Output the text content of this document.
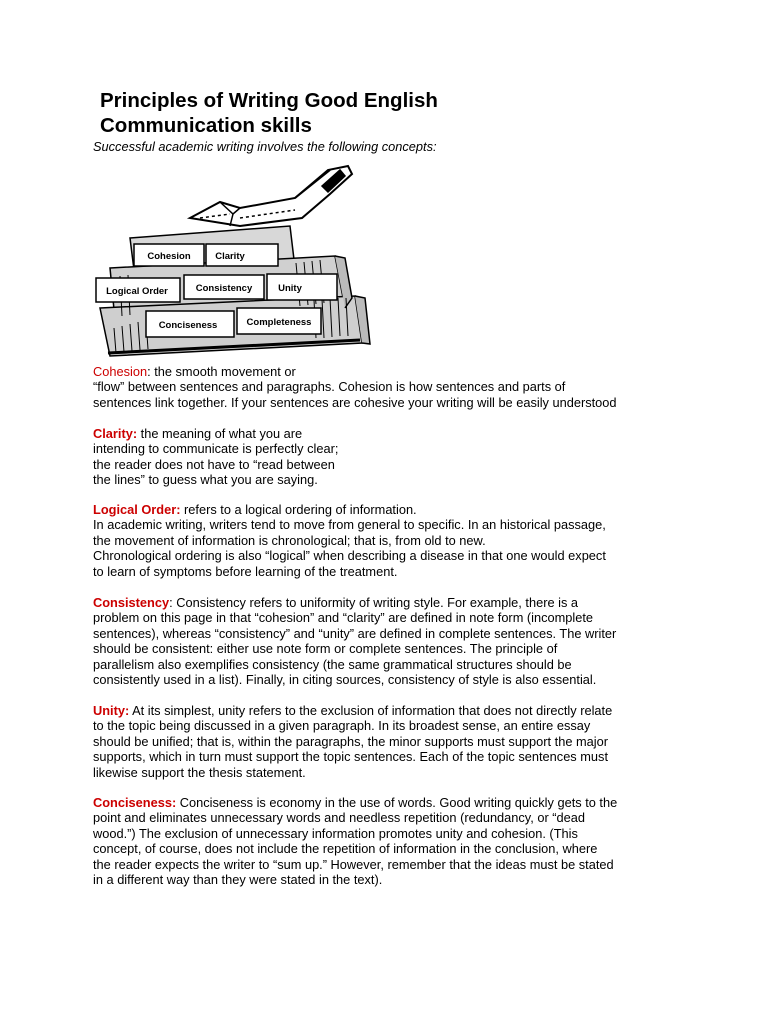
Principles of Writing Good English
Communication skills

Successful academic writing involves the following concepts:

Cohesion	Clarity
Logical Order	Consistency	Unity
Conciseness	Completeness

Cohesion: the smooth movement or
“flow” between sentences and paragraphs. Cohesion is how sentences and parts of
sentences link together. If your sentences are cohesive your writing will be easily understood

Clarity: the meaning of what you are
intending to communicate is perfectly clear;
the reader does not have to “read between
the lines” to guess what you are saying.

Logical Order: refers to a logical ordering of information.
In academic writing, writers tend to move from general to specific. In an historical passage,
the movement of information is chronological; that is, from old to new.
Chronological ordering is also “logical” when describing a disease in that one would expect
to learn of symptoms before learning of the treatment.

Consistency: Consistency refers to uniformity of writing style. For example, there is a
problem on this page in that “cohesion” and “clarity” are defined in note form (incomplete
sentences), whereas “consistency” and “unity” are defined in complete sentences. The writer
should be consistent: either use note form or complete sentences. The principle of
parallelism also exemplifies consistency (the same grammatical structures should be
consistently used in a list). Finally, in citing sources, consistency of style is also essential.

Unity: At its simplest, unity refers to the exclusion of information that does not directly relate
to the topic being discussed in a given paragraph. In its broadest sense, an entire essay
should be unified; that is, within the paragraphs, the minor supports must support the major
supports, which in turn must support the topic sentences. Each of the topic sentences must
likewise support the thesis statement.

Conciseness: Conciseness is economy in the use of words. Good writing quickly gets to the
point and eliminates unnecessary words and needless repetition (redundancy, or “dead
wood.”) The exclusion of unnecessary information promotes unity and cohesion. (This
concept, of course, does not include the repetition of information in the conclusion, where
the reader expects the writer to “sum up.” However, remember that the ideas must be stated
in a different way than they were stated in the text).
